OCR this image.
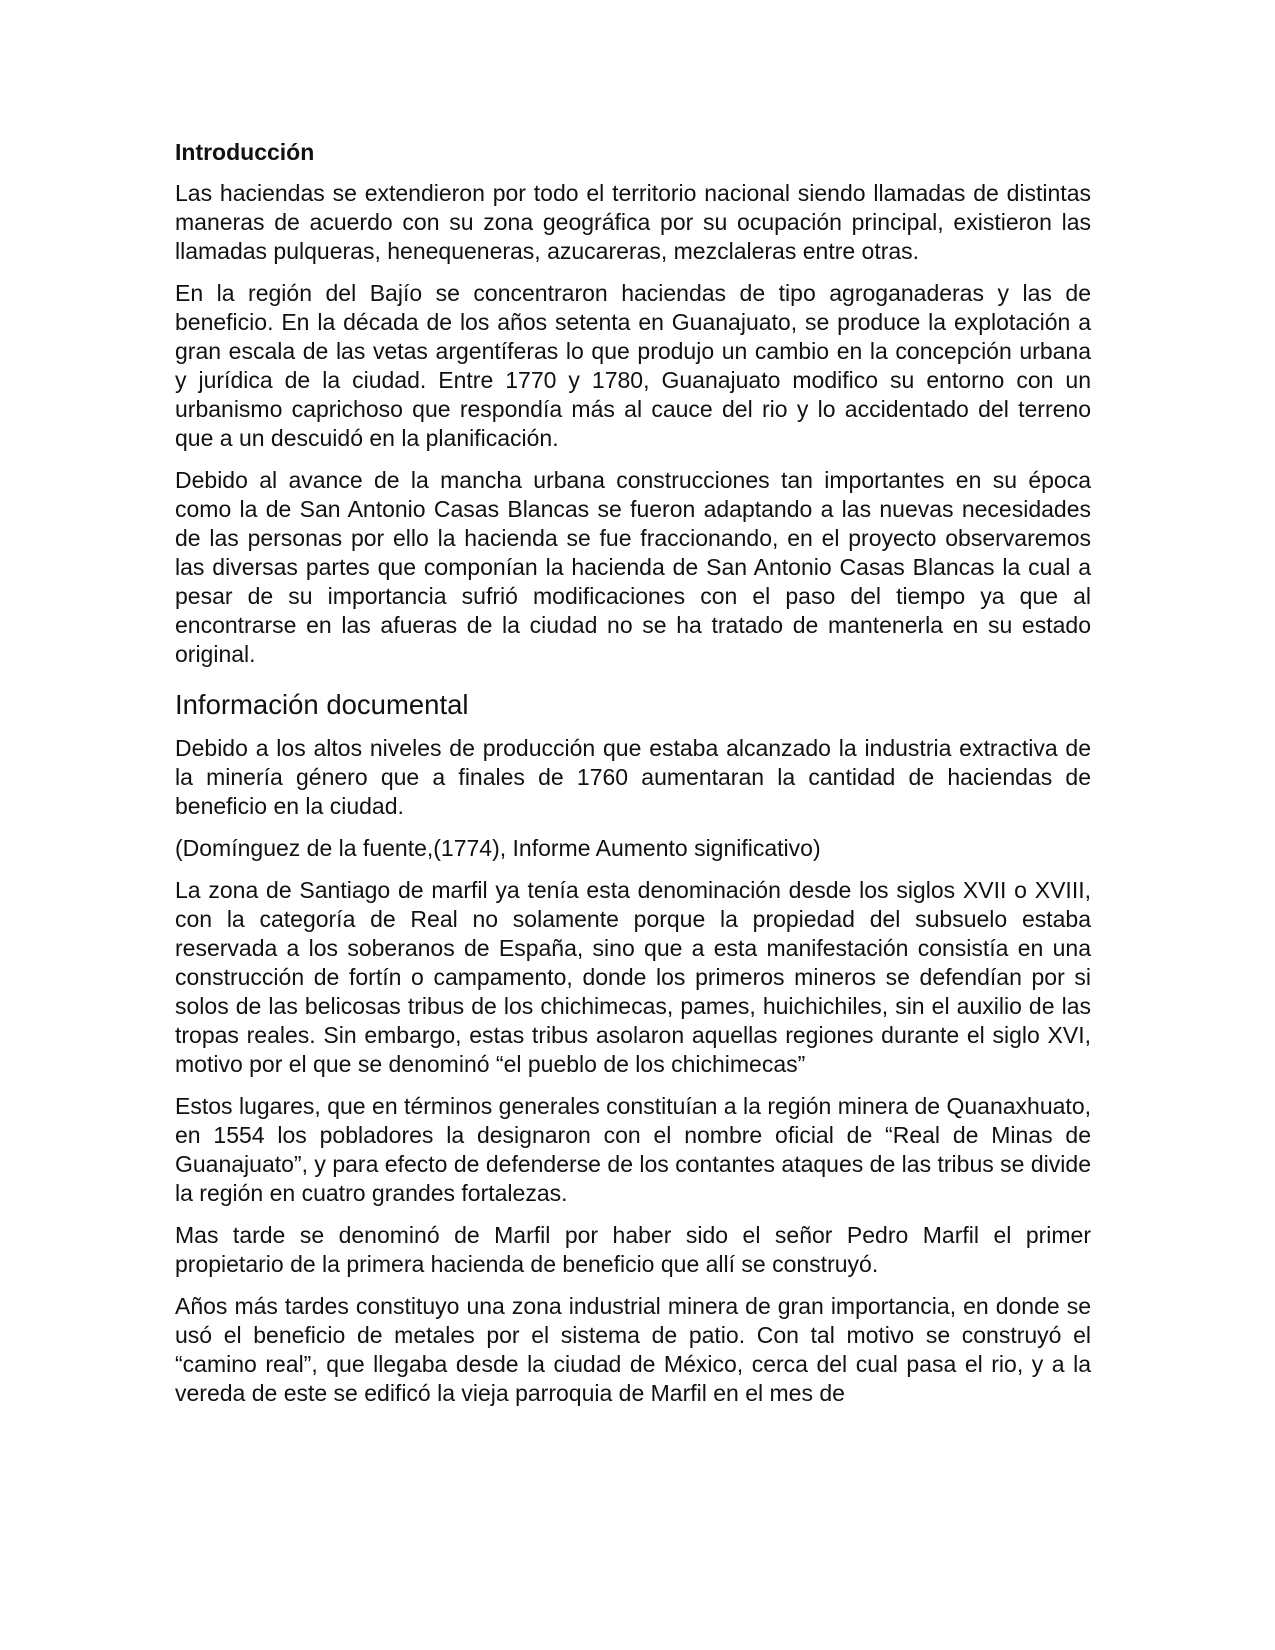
Introducción

Las haciendas se extendieron por todo el territorio nacional siendo llamadas de distintas maneras de acuerdo con su zona geográfica por su ocupación principal, existieron las llamadas pulqueras, henequeneras, azucareras, mezclaleras entre otras.

En la región del Bajío se concentraron haciendas de tipo agroganaderas y las de beneficio. En la década de los años setenta en Guanajuato, se produce la explotación a gran escala de las vetas argentíferas lo que produjo un cambio en la concepción urbana y jurídica de la ciudad. Entre 1770 y 1780, Guanajuato modifico su entorno con un urbanismo caprichoso que respondía más al cauce del rio y lo accidentado del terreno que a un descuidó en la planificación.

Debido al avance de la mancha urbana construcciones tan importantes en su época como la de San Antonio Casas Blancas se fueron adaptando a las nuevas necesidades de las personas por ello la hacienda se fue fraccionando, en el proyecto observaremos las diversas partes que componían la hacienda de San Antonio Casas Blancas la cual a pesar de su importancia sufrió modificaciones con el paso del tiempo ya que al encontrarse en las afueras de la ciudad no se ha tratado de mantenerla en su estado original.

Información documental

Debido a los altos niveles de producción que estaba alcanzado la industria extractiva de la minería género que a finales de 1760 aumentaran la cantidad de haciendas de beneficio en la ciudad.

(Domínguez de la fuente,(1774), Informe Aumento significativo)

La zona de Santiago de marfil ya tenía esta denominación desde los siglos XVII o XVIII, con la categoría de Real no solamente porque la propiedad del subsuelo estaba reservada a los soberanos de España, sino que a esta manifestación consistía en una construcción de fortín o campamento, donde los primeros mineros se defendían por si solos de las belicosas tribus de los chichimecas, pames, huichichiles, sin el auxilio de las tropas reales. Sin embargo, estas tribus asolaron aquellas regiones durante el siglo XVI, motivo por el que se denominó “el pueblo de los chichimecas”

Estos lugares, que en términos generales constituían a la región minera de Quanaxhuato, en 1554 los pobladores la designaron con el nombre oficial de “Real de Minas de Guanajuato”, y para efecto de defenderse de los contantes ataques de las tribus se divide la región en cuatro grandes fortalezas.

Mas tarde se denominó de Marfil por haber sido el señor Pedro Marfil el primer propietario de la primera hacienda de beneficio que allí se construyó.

Años más tardes constituyo una zona industrial minera de gran importancia, en donde se usó el beneficio de metales por el sistema de patio. Con tal motivo se construyó el “camino real”, que llegaba desde la ciudad de México, cerca del cual pasa el rio, y a la vereda de este se edificó la vieja parroquia de Marfil en el mes de
